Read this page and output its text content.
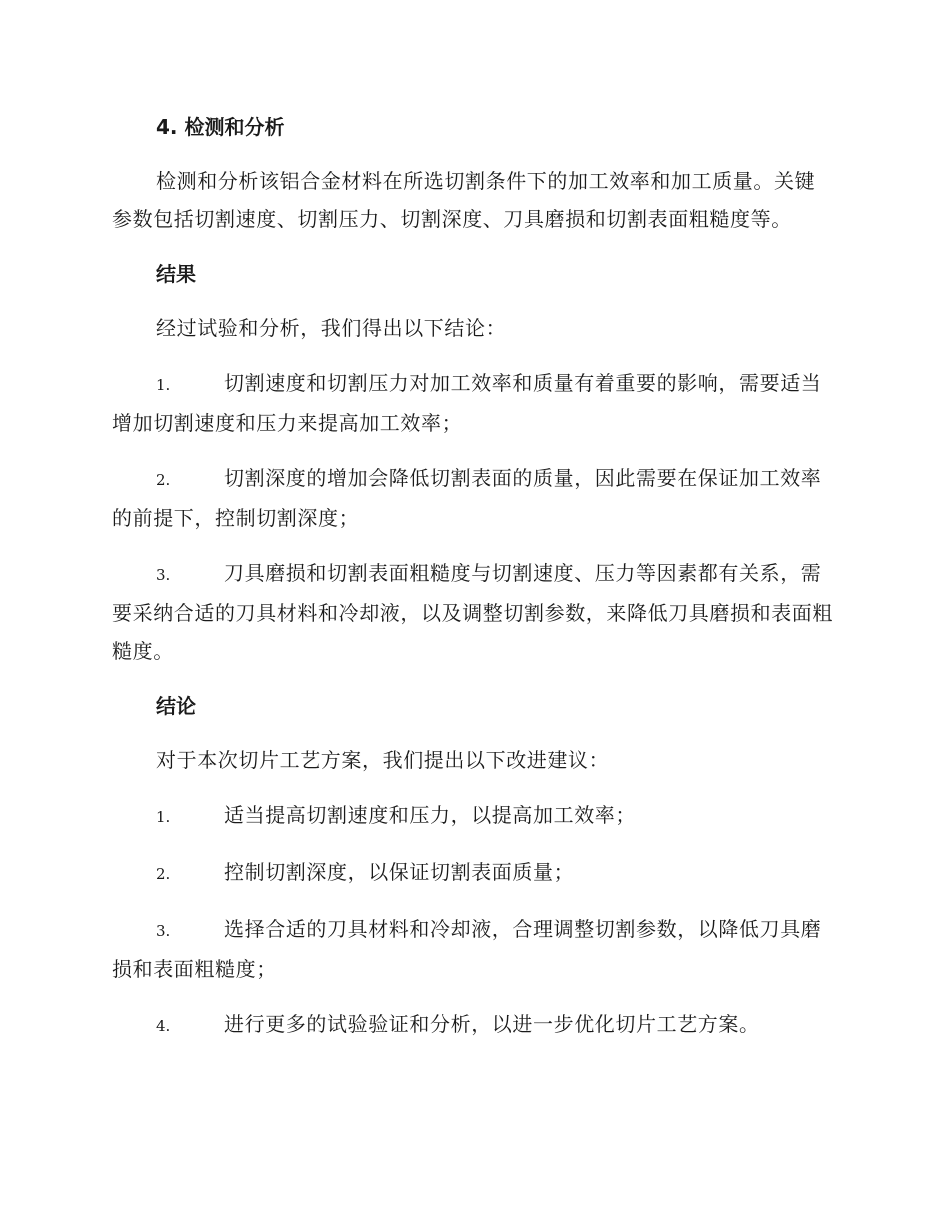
4. 检测和分析

检测和分析该铝合金材料在所选切割条件下的加工效率和加工质量。关键参数包括切割速度、切割压力、切割深度、刀具磨损和切割表面粗糙度等。

结果

经过试验和分析，我们得出以下结论：

1.	切割速度和切割压力对加工效率和质量有着重要的影响，需要适当增加切割速度和压力来提高加工效率；

2.	切割深度的增加会降低切割表面的质量，因此需要在保证加工效率的前提下，控制切割深度；

3.	刀具磨损和切割表面粗糙度与切割速度、压力等因素都有关系，需要采纳合适的刀具材料和冷却液，以及调整切割参数，来降低刀具磨损和表面粗糙度。

结论

对于本次切片工艺方案，我们提出以下改进建议：

1.	适当提高切割速度和压力，以提高加工效率；

2.	控制切割深度，以保证切割表面质量；

3.	选择合适的刀具材料和冷却液，合理调整切割参数，以降低刀具磨损和表面粗糙度；

4.	进行更多的试验验证和分析，以进一步优化切片工艺方案。
